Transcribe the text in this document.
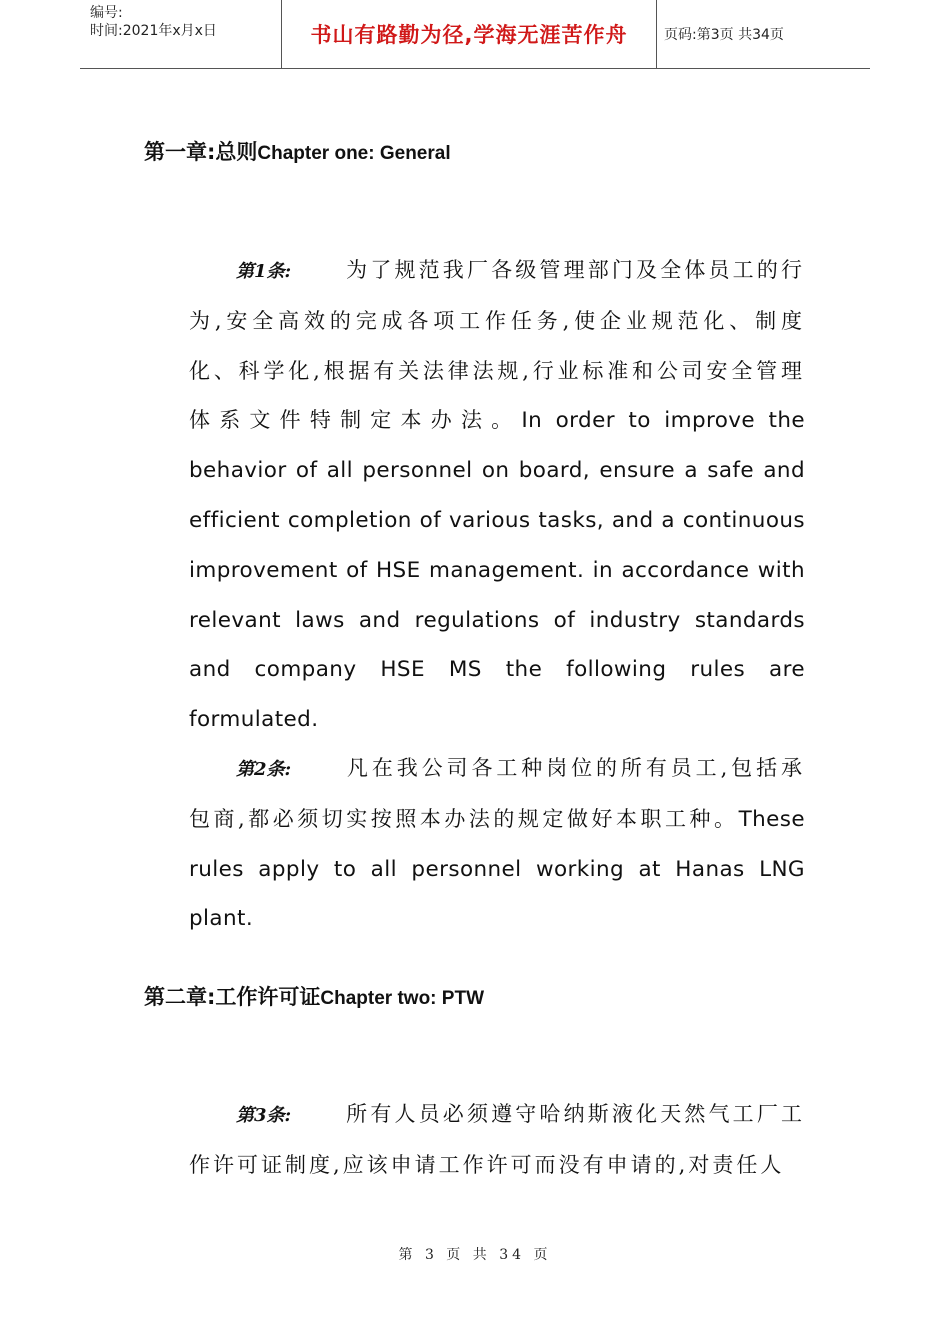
编号:
时间:2021年x月x日	书山有路勤为径,学海无涯苦作舟	页码:第3页 共34页
第一章:总则Chapter one: General
第1条:	为了规范我厂各级管理部门及全体员工的行为,安全高效的完成各项工作任务,使企业规范化、制度化、科学化,根据有关法律法规,行业标准和公司安全管理体系文件特制定本办法。In order to improve the behavior of all personnel on board, ensure a safe and efficient completion of various tasks, and a continuous improvement of HSE management. in accordance with relevant laws and regulations of industry standards and company HSE MS the following rules are formulated.
第2条:	凡在我公司各工种岗位的所有员工,包括承包商,都必须切实按照本办法的规定做好本职工种。These rules apply to all personnel working at Hanas LNG plant.
第二章:工作许可证Chapter two: PTW
第3条:	所有人员必须遵守哈纳斯液化天然气工厂工作许可证制度,应该申请工作许可而没有申请的,对责任人
第 3 页 共 34 页
